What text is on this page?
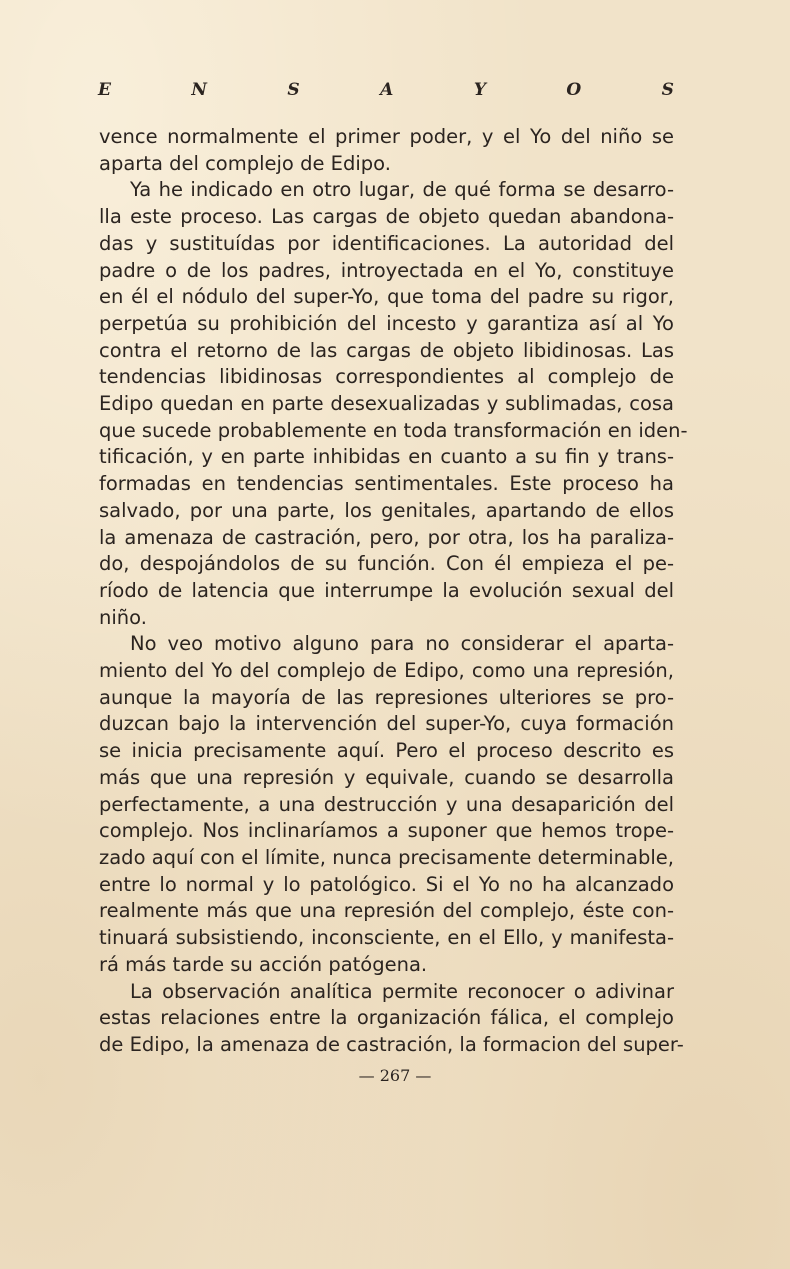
E	N	S	A	Y	O	S
vence normalmente el primer poder, y el Yo del niño se
aparta del complejo de Edipo.
Ya he indicado en otro lugar, de qué forma se desarro-
lla este proceso. Las cargas de objeto quedan abandona-
das y sustituídas por identificaciones. La autoridad del
padre o de los padres, introyectada en el Yo, constituye
en él el nódulo del super-Yo, que toma del padre su rigor,
perpetúa su prohibición del incesto y garantiza así al Yo
contra el retorno de las cargas de objeto libidinosas. Las
tendencias libidinosas correspondientes al complejo de
Edipo quedan en parte desexualizadas y sublimadas, cosa
que sucede probablemente en toda transformación en iden-
tificación, y en parte inhibidas en cuanto a su fin y trans-
formadas en tendencias sentimentales. Este proceso ha
salvado, por una parte, los genitales, apartando de ellos
la amenaza de castración, pero, por otra, los ha paraliza-
do, despojándolos de su función. Con él empieza el pe-
ríodo de latencia que interrumpe la evolución sexual del
niño.
No veo motivo alguno para no considerar el aparta-
miento del Yo del complejo de Edipo, como una represión,
aunque la mayoría de las represiones ulteriores se pro-
duzcan bajo la intervención del super-Yo, cuya formación
se inicia precisamente aquí. Pero el proceso descrito es
más que una represión y equivale, cuando se desarrolla
perfectamente, a una destrucción y una desaparición del
complejo. Nos inclinaríamos a suponer que hemos trope-
zado aquí con el límite, nunca precisamente determinable,
entre lo normal y lo patológico. Si el Yo no ha alcanzado
realmente más que una represión del complejo, éste con-
tinuará subsistiendo, inconsciente, en el Ello, y manifesta-
rá más tarde su acción patógena.
La observación analítica permite reconocer o adivinar
estas relaciones entre la organización fálica, el complejo
de Edipo, la amenaza de castración, la formacion del super-
— 267 —
